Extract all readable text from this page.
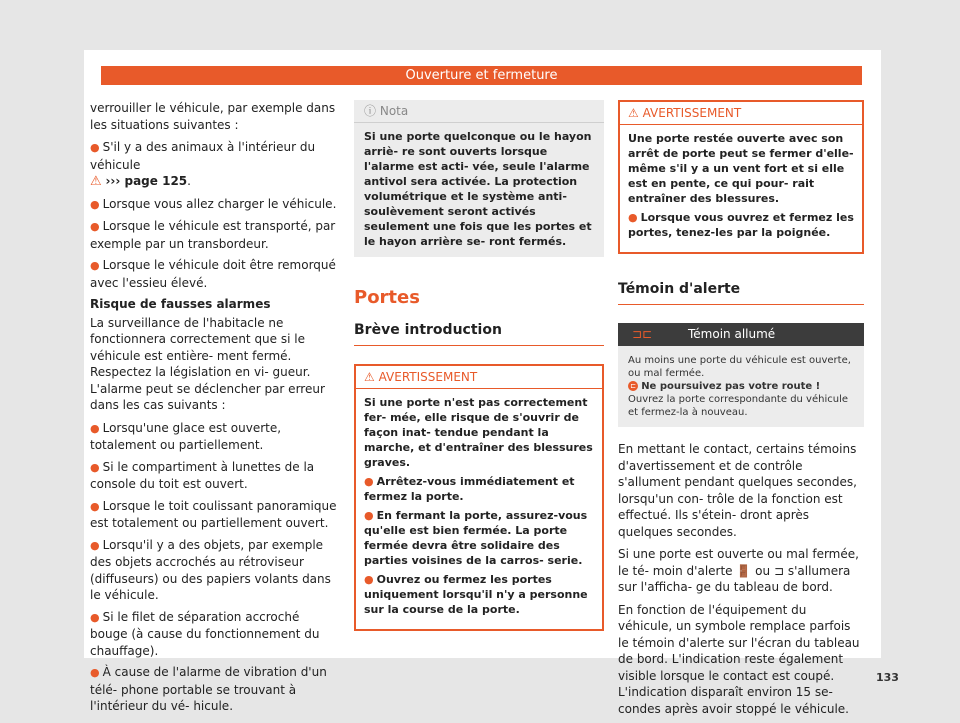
Ouverture et fermeture

verrouiller le véhicule, par exemple dans les situations suivantes :

● S'il y a des animaux à l'intérieur du véhicule
⚠ ››› page 125.

● Lorsque vous allez charger le véhicule.

● Lorsque le véhicule est transporté, par exemple par un transbordeur.

● Lorsque le véhicule doit être remorqué avec l'essieu élevé.

Risque de fausses alarmes

La surveillance de l'habitacle ne fonctionnera correctement que si le véhicule est entière- ment fermé. Respectez la législation en vi- gueur. L'alarme peut se déclencher par erreur dans les cas suivants :

● Lorsqu'une glace est ouverte, totalement ou partiellement.

● Si le compartiment à lunettes de la console du toit est ouvert.

● Lorsque le toit coulissant panoramique est totalement ou partiellement ouvert.

● Lorsqu'il y a des objets, par exemple des objets accrochés au rétroviseur (diffuseurs) ou des papiers volants dans le véhicule.

● Si le filet de séparation accroché bouge (à cause du fonctionnement du chauffage).

● À cause de l'alarme de vibration d'un télé- phone portable se trouvant à l'intérieur du vé- hicule.

ⓘ Nota
Si une porte quelconque ou le hayon arriè- re sont ouverts lorsque l'alarme est acti- vée, seule l'alarme antivol sera activée. La protection volumétrique et le système anti- soulèvement seront activés seulement une fois que les portes et le hayon arrière se- ront fermés.
Portes
Brève introduction
⚠ AVERTISSEMENT

Si une porte n'est pas correctement fer- mée, elle risque de s'ouvrir de façon inat- tendue pendant la marche, et d'entraîner des blessures graves.

● Arrêtez-vous immédiatement et fermez la porte.

● En fermant la porte, assurez-vous qu'elle est bien fermée. La porte fermée devra être solidaire des parties voisines de la carros- serie.

● Ouvrez ou fermez les portes uniquement lorsqu'il n'y a personne sur la course de la porte.

⚠ AVERTISSEMENT

Une porte restée ouverte avec son arrêt de porte peut se fermer d'elle-même s'il y a un vent fort et si elle est en pente, ce qui pour- rait entraîner des blessures.

● Lorsque vous ouvrez et fermez les portes, tenez-les par la poignée.

Témoin d'alerte
⊐⊏	Témoin allumé
Au moins une porte du véhicule est ouverte, ou mal fermée.
⊏ Ne poursuivez pas votre route ! Ouvrez la porte correspondante du véhicule et fermez-la à nouveau.

En mettant le contact, certains témoins d'avertissement et de contrôle s'allument pendant quelques secondes, lorsqu'un con- trôle de la fonction est effectué. Ils s'étein- dront après quelques secondes.

Si une porte est ouverte ou mal fermée, le té- moin d'alerte 🚪 ou ⊐ s'allumera sur l'afficha- ge du tableau de bord.

En fonction de l'équipement du véhicule, un symbole remplace parfois le témoin d'alerte sur l'écran du tableau de bord. L'indication reste également visible lorsque le contact est coupé. L'indication disparaît environ 15 se- condes après avoir stoppé le véhicule.

133
